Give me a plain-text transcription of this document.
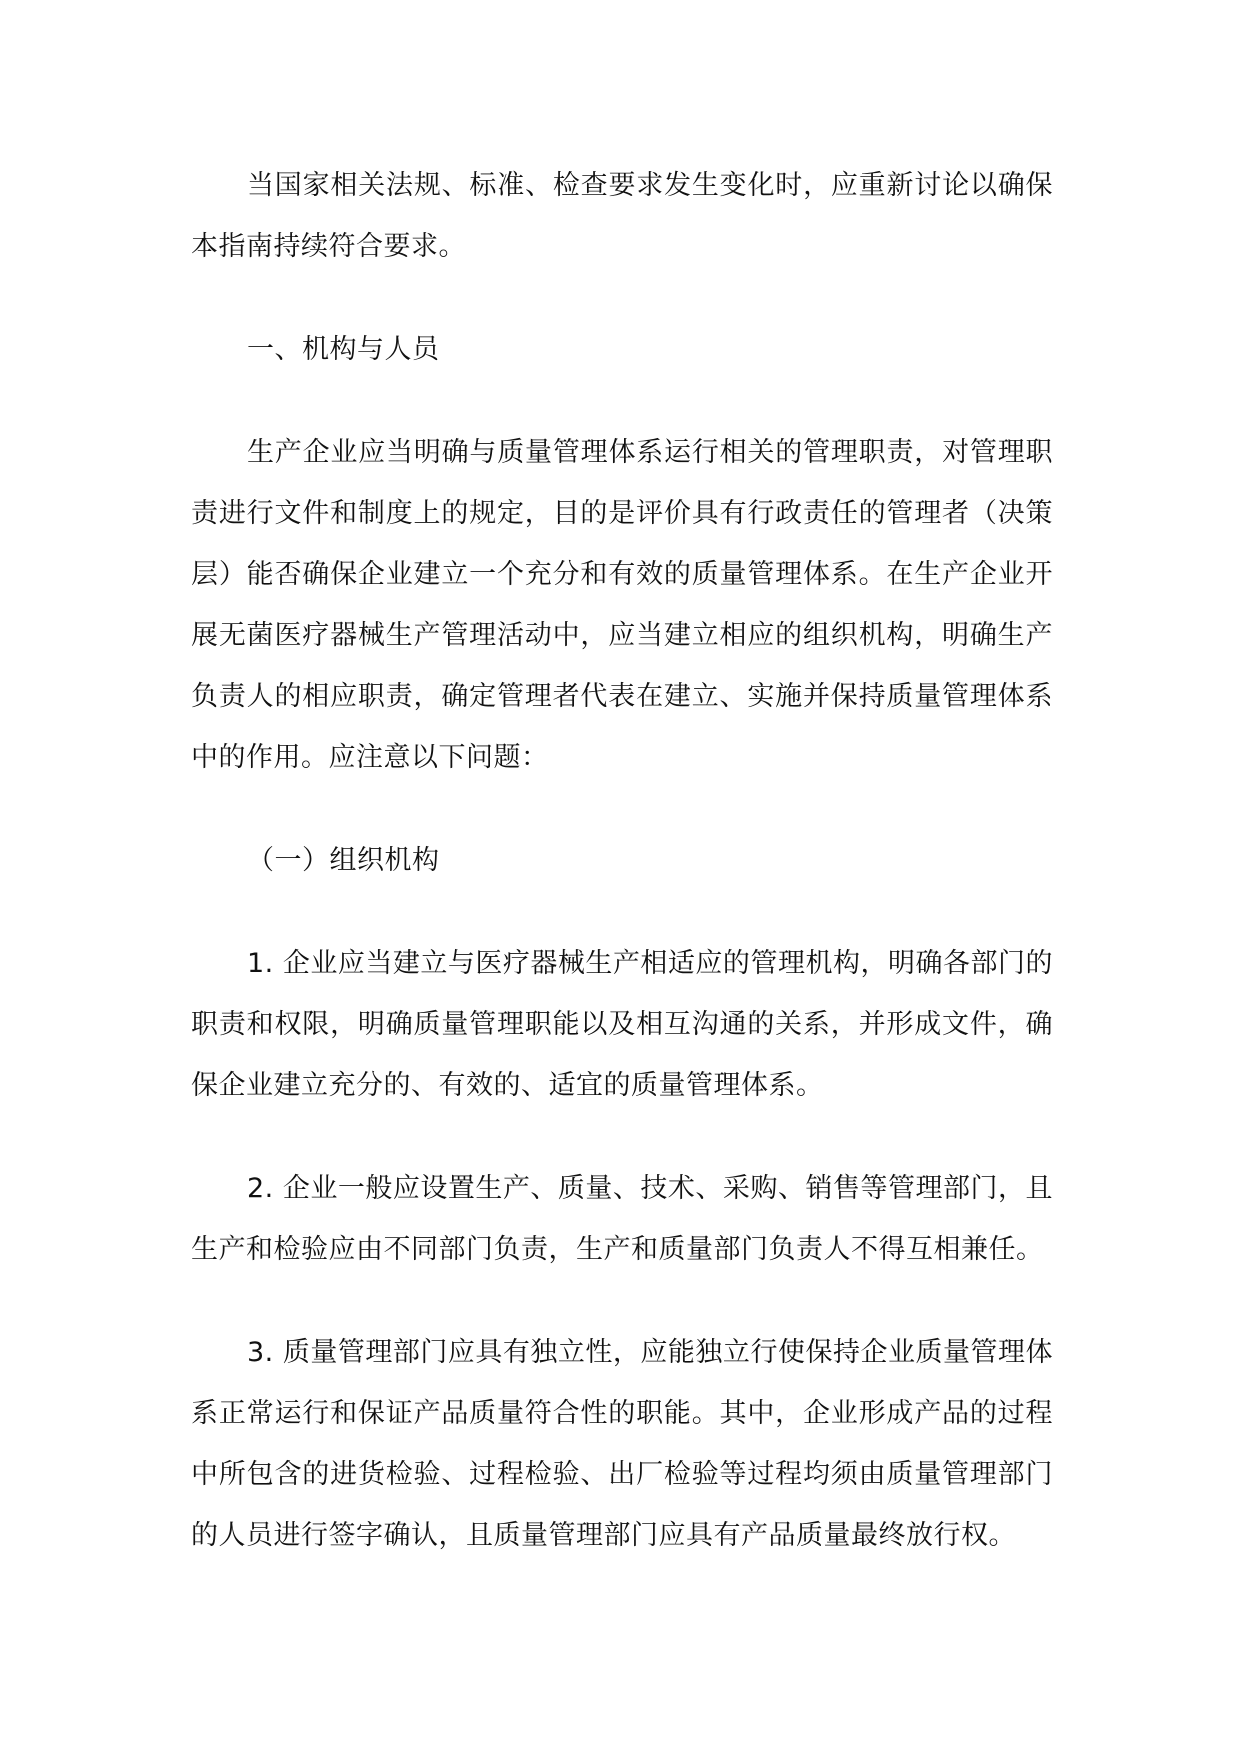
当国家相关法规、标准、检查要求发生变化时，应重新讨论以确保本指南持续符合要求。

一、机构与人员

生产企业应当明确与质量管理体系运行相关的管理职责，对管理职责进行文件和制度上的规定，目的是评价具有行政责任的管理者（决策层）能否确保企业建立一个充分和有效的质量管理体系。在生产企业开展无菌医疗器械生产管理活动中，应当建立相应的组织机构，明确生产负责人的相应职责，确定管理者代表在建立、实施并保持质量管理体系中的作用。应注意以下问题：

（一）组织机构

1. 企业应当建立与医疗器械生产相适应的管理机构，明确各部门的职责和权限，明确质量管理职能以及相互沟通的关系，并形成文件，确保企业建立充分的、有效的、适宜的质量管理体系。

2. 企业一般应设置生产、质量、技术、采购、销售等管理部门，且生产和检验应由不同部门负责，生产和质量部门负责人不得互相兼任。

3. 质量管理部门应具有独立性，应能独立行使保持企业质量管理体系正常运行和保证产品质量符合性的职能。其中，企业形成产品的过程中所包含的进货检验、过程检验、出厂检验等过程均须由质量管理部门的人员进行签字确认，且质量管理部门应具有产品质量最终放行权。
